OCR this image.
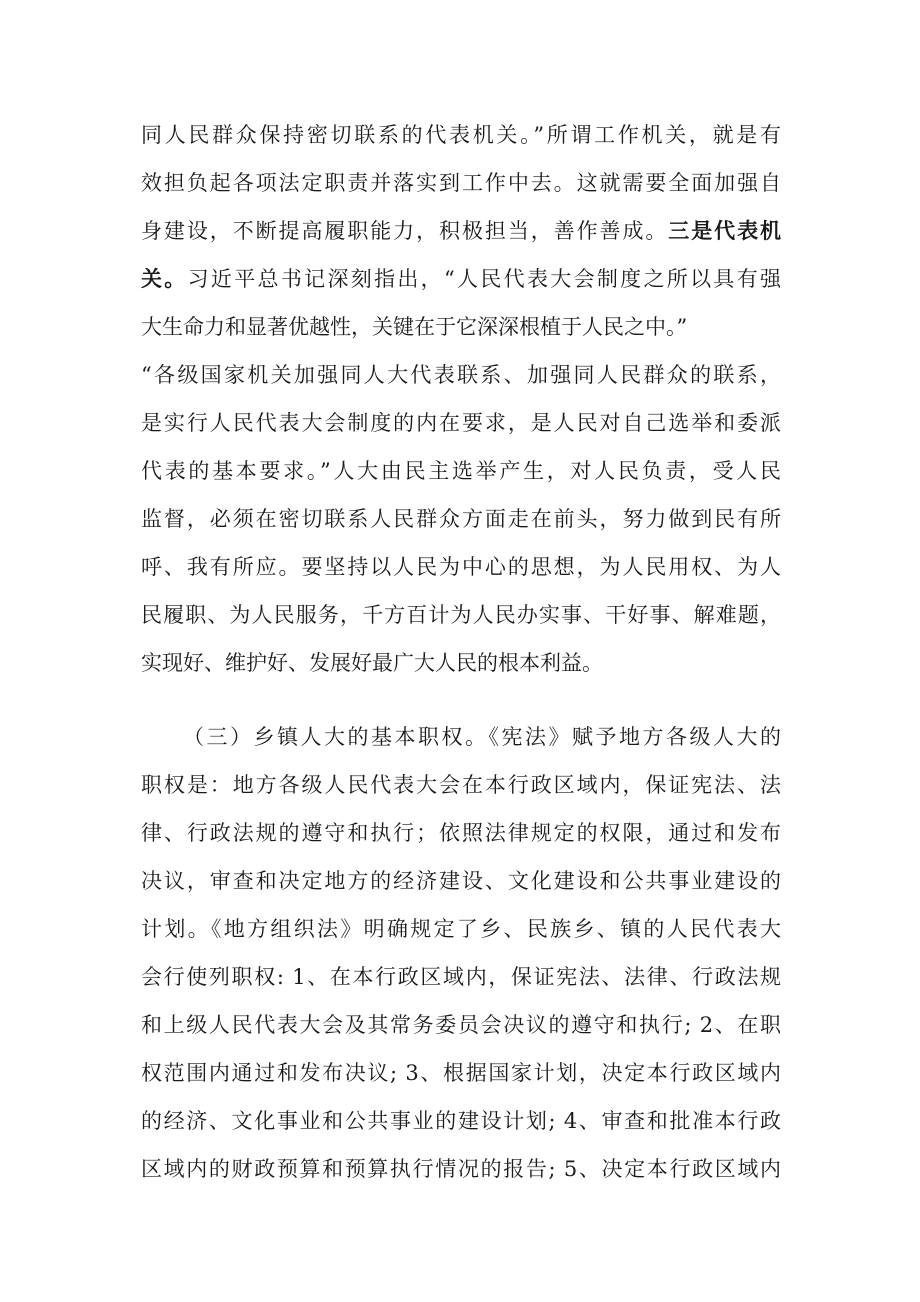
同人民群众保持密切联系的代表机关。”所谓工作机关，就是有
效担负起各项法定职责并落实到工作中去。这就需要全面加强自
身建设，不断提高履职能力，积极担当，善作善成。三是代表机
关。习近平总书记深刻指出，“人民代表大会制度之所以具有强
大生命力和显著优越性，关键在于它深深根植于人民之中。”
“各级国家机关加强同人大代表联系、加强同人民群众的联系，
是实行人民代表大会制度的内在要求，是人民对自己选举和委派
代表的基本要求。”人大由民主选举产生，对人民负责，受人民
监督，必须在密切联系人民群众方面走在前头，努力做到民有所
呼、我有所应。要坚持以人民为中心的思想，为人民用权、为人
民履职、为人民服务，千方百计为人民办实事、干好事、解难题，
实现好、维护好、发展好最广大人民的根本利益。
（三）乡镇人大的基本职权。《宪法》赋予地方各级人大的
职权是：地方各级人民代表大会在本行政区域内，保证宪法、法
律、行政法规的遵守和执行；依照法律规定的权限，通过和发布
决议，审查和决定地方的经济建设、文化建设和公共事业建设的
计划。《地方组织法》明确规定了乡、民族乡、镇的人民代表大
会行使列职权: 1、在本行政区域内，保证宪法、法律、行政法规
和上级人民代表大会及其常务委员会决议的遵守和执行; 2、在职
权范围内通过和发布决议; 3、根据国家计划，决定本行政区域内
的经济、文化事业和公共事业的建设计划; 4、审查和批准本行政
区域内的财政预算和预算执行情况的报告; 5、决定本行政区域内
